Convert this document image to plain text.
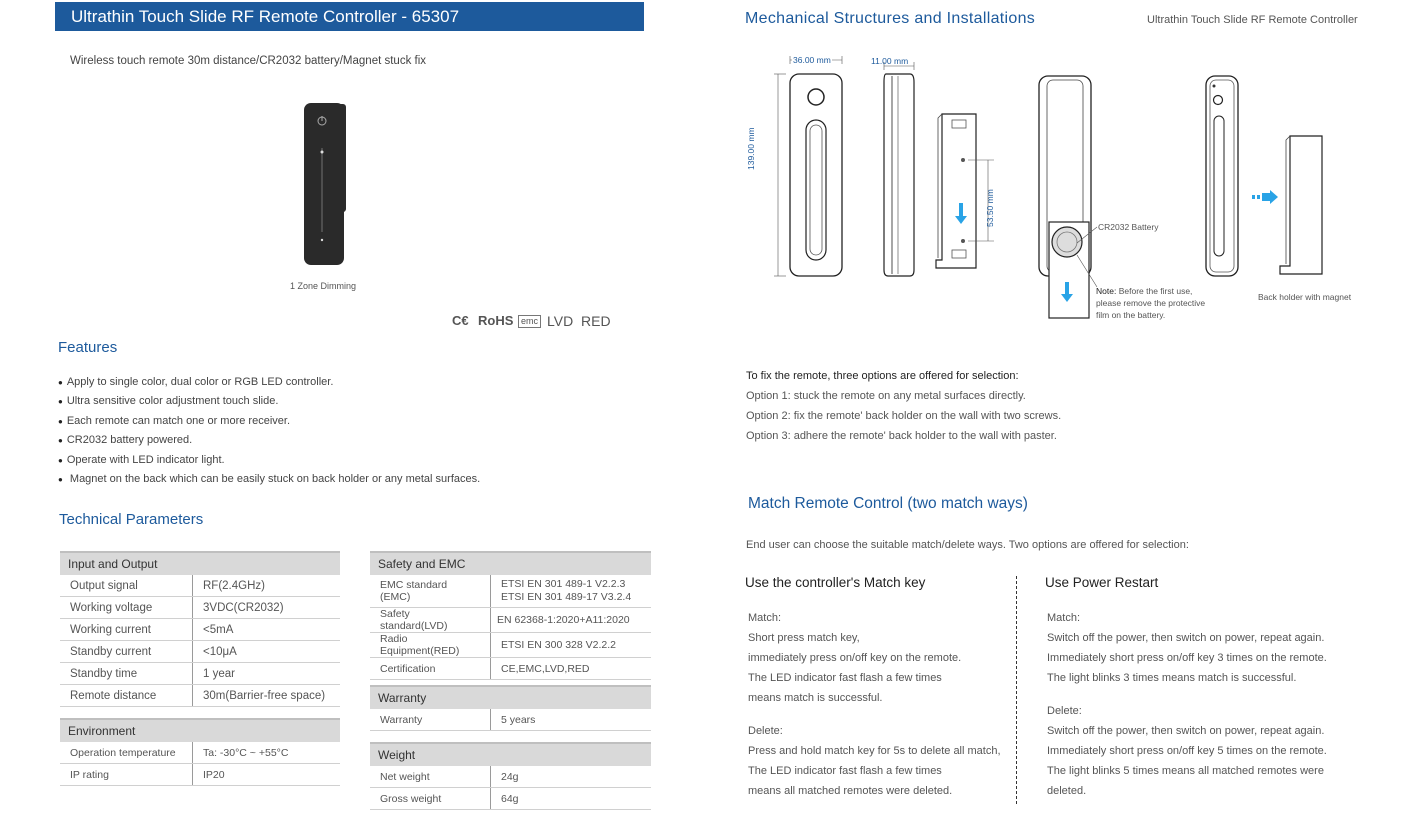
Ultrathin Touch Slide RF Remote Controller - 65307
Wireless touch remote 30m distance/CR2032 battery/Magnet stuck fix
1 Zone Dimming
C€ RoHS emc LVD RED
Features
● Apply to single color, dual color or RGB LED controller.
● Ultra sensitive color adjustment touch slide.
● Each remote can match one or more receiver.
● CR2032 battery powered.
● Operate with LED indicator light.
● Magnet on the back which can be easily stuck on back holder or any metal surfaces.
Technical Parameters
Input and Output	
Output signal	RF(2.4GHz)
Working voltage	3VDC(CR2032)
Working current	<5mA
Standby current	<10μA
Standby time	1 year
Remote distance	30m(Barrier-free space)
Environment	
Operation temperature	Ta: -30°C ~ +55°C
IP rating	IP20
Safety and EMC	
EMC standard (EMC)	ETSI EN 301 489-1 V2.2.3
ETSI EN 301 489-17 V3.2.4

Safety standard(LVD)	EN 62368-1:2020+A11:2020
Radio Equipment(RED)	ETSI EN 300 328 V2.2.2
Certification	CE,EMC,LVD,RED
Warranty
Warranty	5 years
Weight	
Net weight	24g
Gross weight	64g
Mechanical Structures and Installations	Ultrathin Touch Slide RF Remote Controller
36.00 mm
139.00 mm
11.00 mm
53.50 mm	CR2032 Battery
Note: Before the first use,
please remove the protective
film on the battery.
Back holder with magnet
To fix the remote, three options are offered for selection:
Option 1: stuck the remote on any metal surfaces directly.
Option 2: fix the remote' back holder on the wall with two screws.
Option 3: adhere the remote' back holder to the wall with paster.
Match Remote Control (two match ways)
End user can choose the suitable match/delete ways. Two options are offered for selection:
Use the controller's Match key
Match:
Short press match key,
immediately press on/off key on the remote.
The LED indicator fast flash a few times
means match is successful.
Delete:
Press and hold match key for 5s to delete all match,
The LED indicator fast flash a few times
means all matched remotes were deleted.
Use Power Restart
Match:
Switch off the power, then switch on power, repeat again.
Immediately short press on/off key 3 times on the remote.
The light blinks 3 times means match is successful.
Delete:
Switch off the power, then switch on power, repeat again.
Immediately short press on/off key 5 times on the remote.
The light blinks 5 times means all matched remotes were
deleted.
